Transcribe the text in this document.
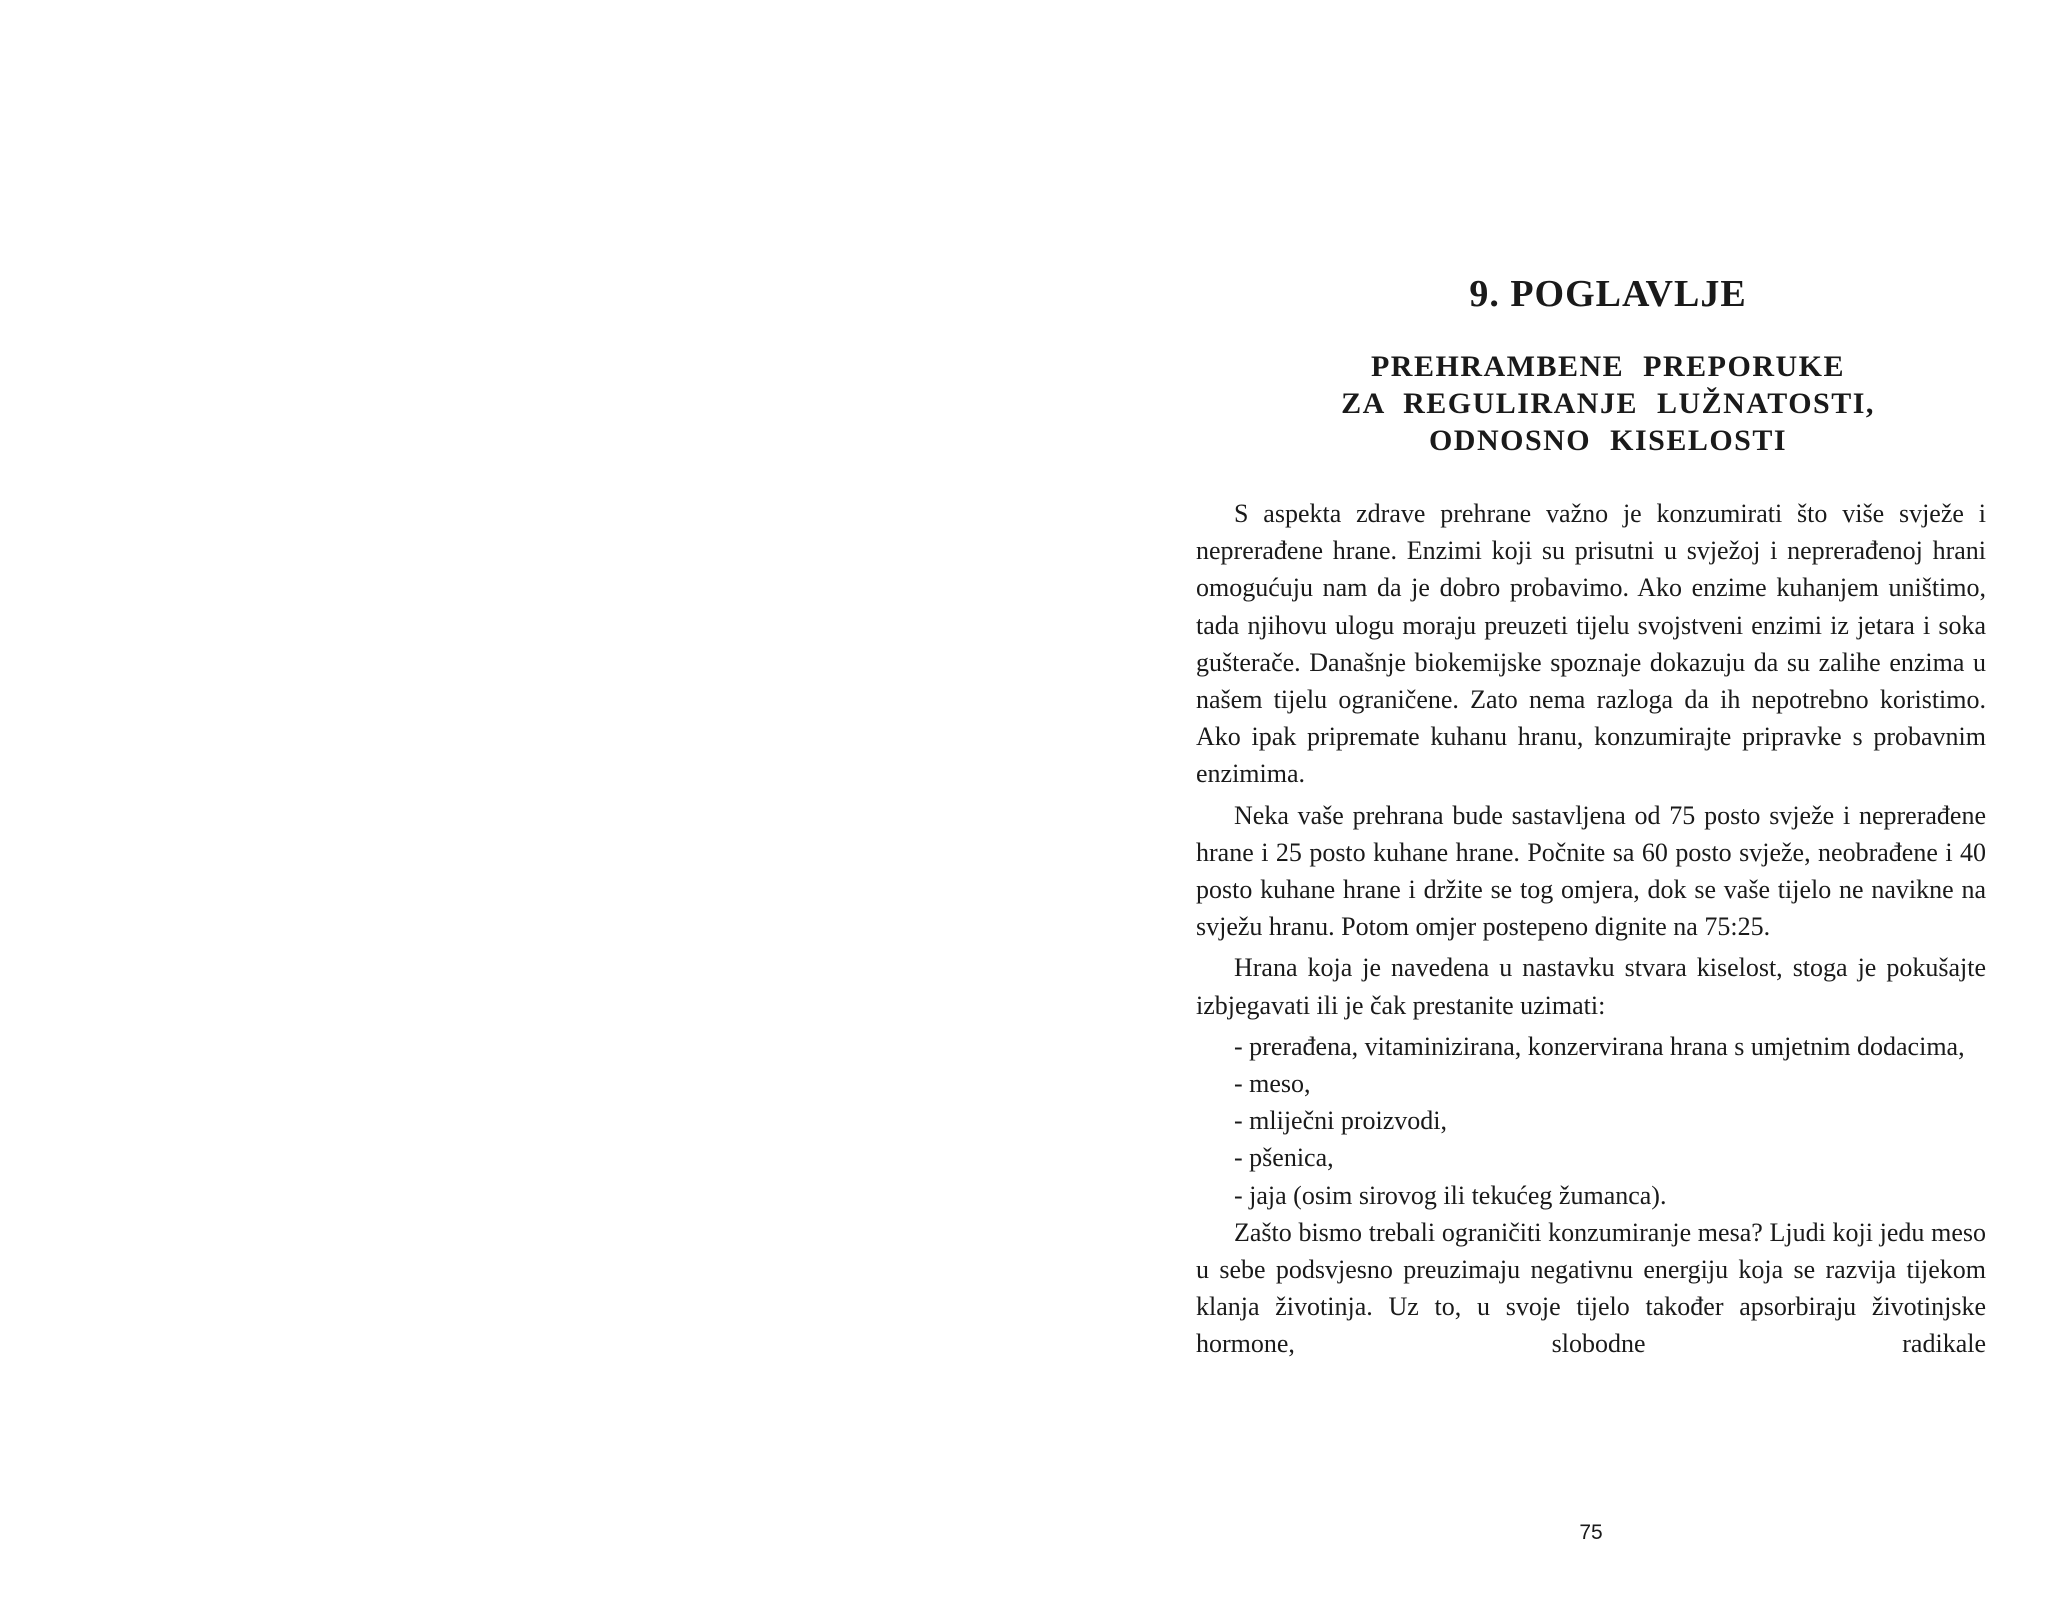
9. POGLAVLJE
PREHRAMBENE PREPORUKE
ZA REGULIRANJE LUŽNATOSTI,
ODNOSNO KISELOSTI

S aspekta zdrave prehrane važno je konzumirati što više svježe i neprerađene hrane. Enzimi koji su prisutni u svježoj i neprerađenoj hrani omogućuju nam da je dobro probavimo. Ako enzime kuhanjem uništimo, tada njihovu ulogu moraju preuzeti tijelu svojstveni enzimi iz jetara i soka gušterače. Današnje biokemijske spoznaje dokazuju da su zalihe enzima u našem tijelu ograničene. Zato nema razloga da ih nepotrebno koristimo. Ako ipak pripremate kuhanu hranu, konzumirajte pripravke s probavnim enzimima.

Neka vaše prehrana bude sastavljena od 75 posto svježe i neprerađene hrane i 25 posto kuhane hrane. Počnite sa 60 posto svježe, neobrađene i 40 posto kuhane hrane i držite se tog omjera, dok se vaše tijelo ne navikne na svježu hranu. Potom omjer postepeno dignite na 75:25.

Hrana koja je navedena u nastavku stvara kiselost, stoga je pokušajte izbjegavati ili je čak prestanite uzimati:

- prerađena, vitaminizirana, konzervirana hrana s umjetnim dodacima,
- meso,
- mliječni proizvodi,
- pšenica,
- jaja (osim sirovog ili tekućeg žumanca).

Zašto bismo trebali ograničiti konzumiranje mesa? Ljudi koji jedu meso u sebe podsvjesno preuzimaju negativnu energiju koja se razvija tijekom klanja životinja. Uz to, u svoje tijelo također apsorbiraju životinjske hormone, slobodne radikale

75
